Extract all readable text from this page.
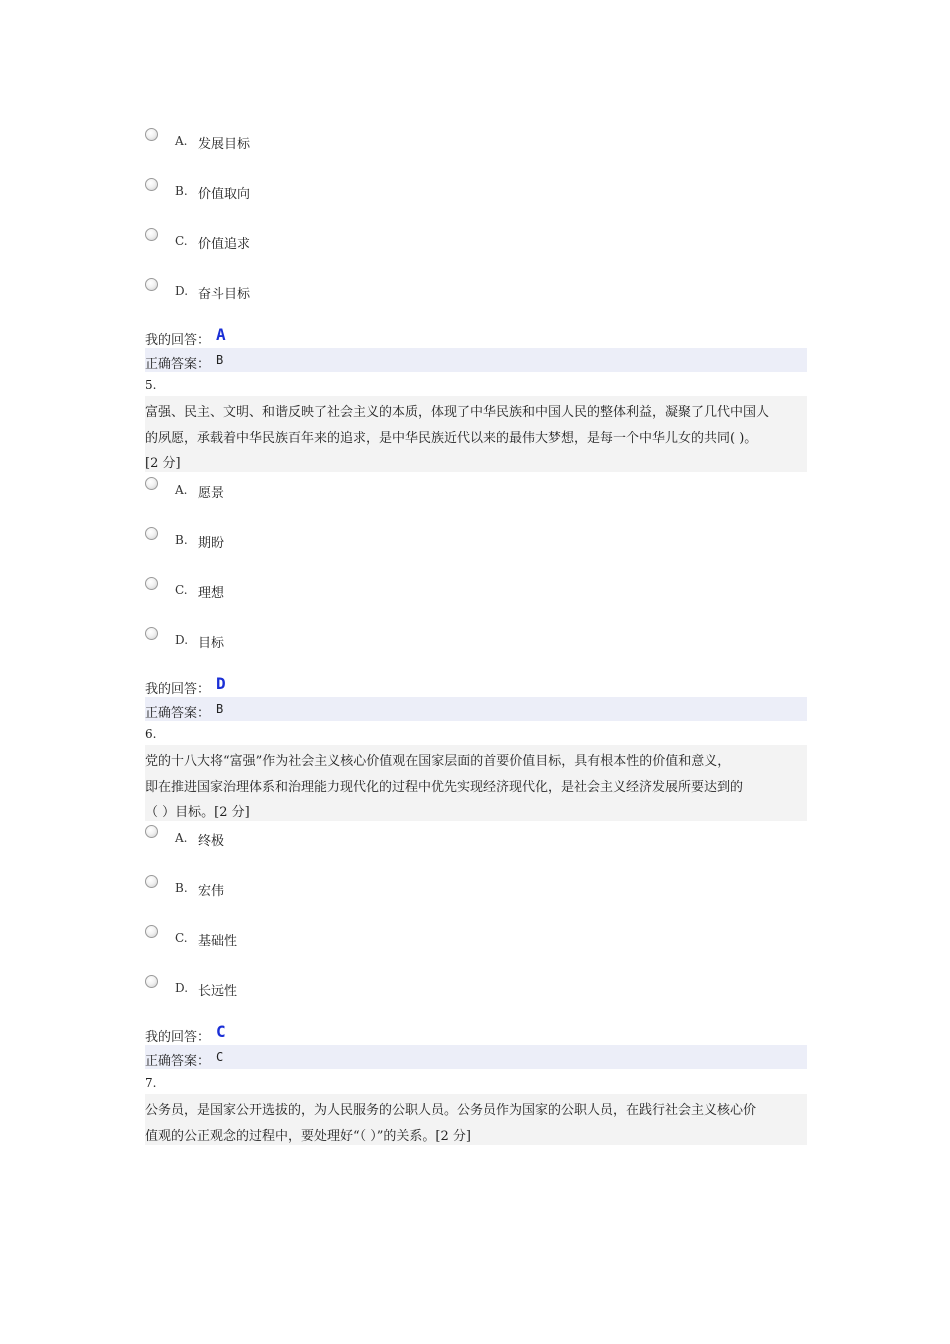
A. 发展目标
B. 价值取向
C. 价值追求
D. 奋斗目标
我的回答： A
正确答案： B
5.
富强、民主、文明、和谐反映了社会主义的本质，体现了中华民族和中国人民的整体利益，凝聚了几代中国人
的夙愿，承载着中华民族百年来的追求，是中华民族近代以来的最伟大梦想，是每一个中华儿女的共同( )。
[2 分]
A. 愿景
B. 期盼
C. 理想
D. 目标
我的回答： D
正确答案： B
6.
党的十八大将“富强”作为社会主义核心价值观在国家层面的首要价值目标，具有根本性的价值和意义，
即在推进国家治理体系和治理能力现代化的过程中优先实现经济现代化，是社会主义经济发展所要达到的
（ ）目标。[2 分]
A. 终极
B. 宏伟
C. 基础性
D. 长远性
我的回答： C
正确答案： C
7.
公务员，是国家公开选拔的，为人民服务的公职人员。公务员作为国家的公职人员，在践行社会主义核心价
值观的公正观念的过程中，要处理好“（ ）”的关系。[2 分]
